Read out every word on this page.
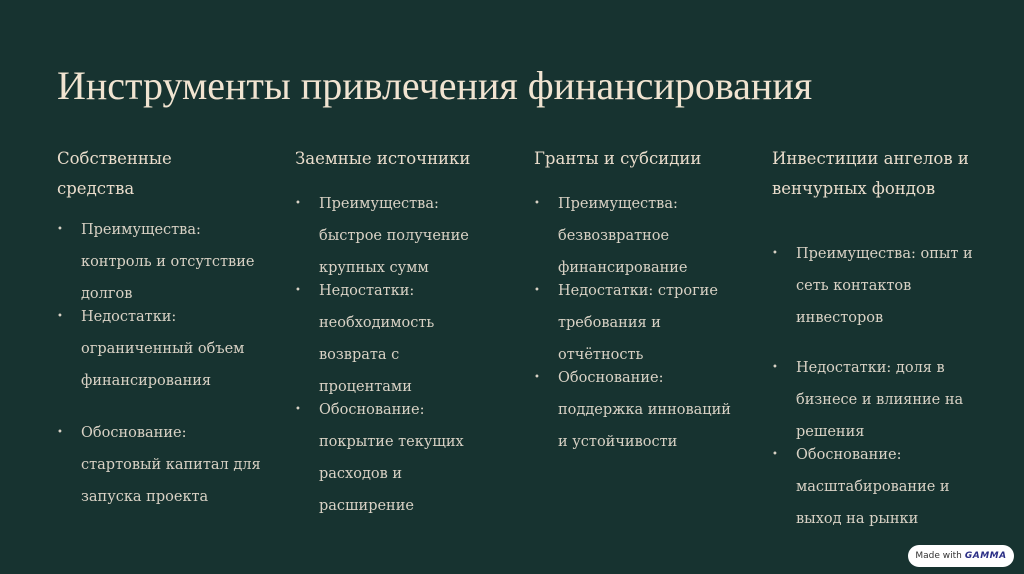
Инструменты привлечения финансирования
Собственные средства
• Преимущества: контроль и отсутствие долгов
• Недостатки: ограниченный объем финансирования
• Обоснование: стартовый капитал для запуска проекта
Заемные источники
• Преимущества: быстрое получение крупных сумм
• Недостатки: необходимость возврата с процентами
• Обоснование: покрытие текущих расходов и расширение
Гранты и субсидии
• Преимущества: безвозвратное финансирование
• Недостатки: строгие требования и отчётность
• Обоснование: поддержка инноваций и устойчивости
Инвестиции ангелов и венчурных фондов
• Преимущества: опыт и сеть контактов инвесторов
• Недостатки: доля в бизнесе и влияние на решения
• Обоснование: масштабирование и выход на рынки
Made with GAMMA
